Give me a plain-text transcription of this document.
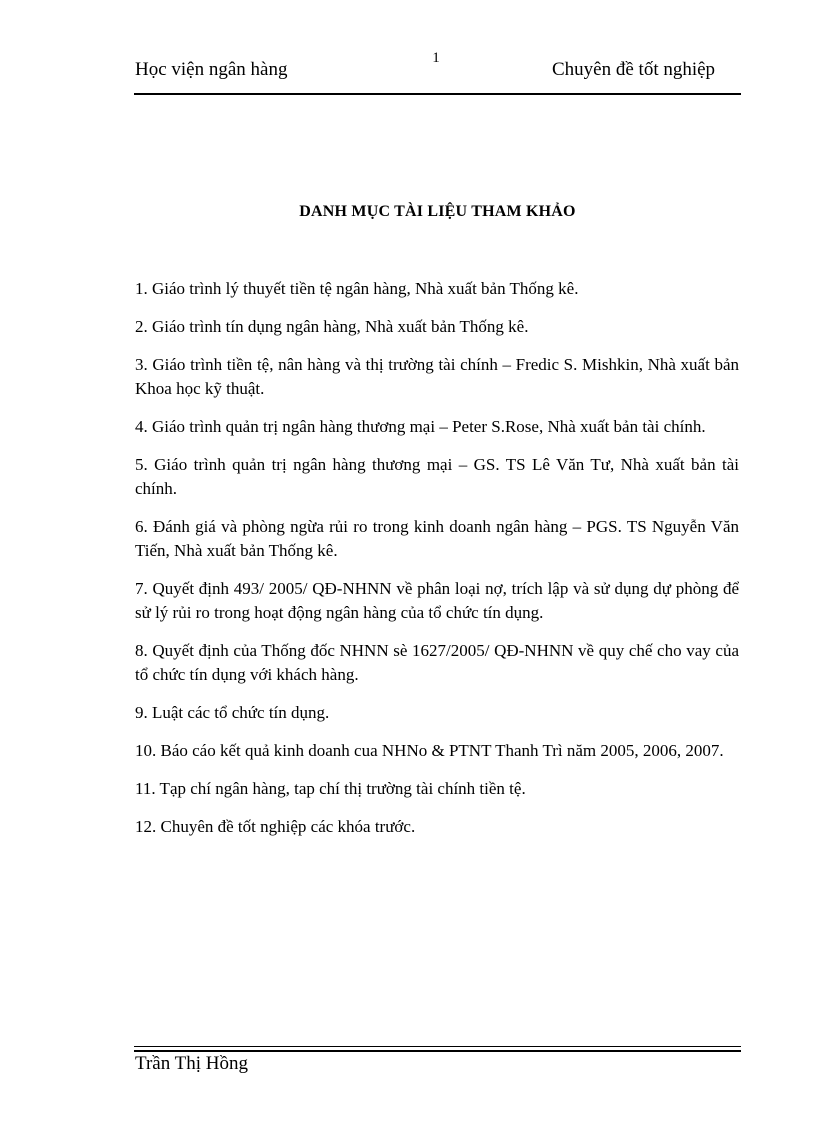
Học viện ngân hàng
1
Chuyên đề tốt nghiệp
DANH MỤC TÀI LIỆU THAM KHẢO
1. Giáo trình lý thuyết tiền tệ ngân hàng, Nhà xuất bản Thống kê.
2. Giáo trình tín dụng ngân hàng, Nhà xuất bản Thống kê.
3. Giáo trình tiền tệ, nân hàng và thị trường tài chính – Fredic S. Mishkin, Nhà xuất bản Khoa học kỹ thuật.
4. Giáo trình quản trị ngân hàng thương mại – Peter S.Rose, Nhà xuất bản tài chính.
5. Giáo trình quản trị ngân hàng thương mại – GS. TS Lê Văn Tư, Nhà xuất bản tài chính.
6. Đánh giá và phòng ngừa rủi ro trong kinh doanh ngân hàng – PGS. TS Nguyễn Văn Tiến, Nhà xuất bản Thống kê.
7. Quyết định 493/ 2005/ QĐ-NHNN về phân loại nợ, trích lập và sử dụng dự phòng để sử lý rủi ro trong hoạt động ngân hàng của tổ chức tín dụng.
8. Quyết định của Thống đốc NHNN sè 1627/2005/ QĐ-NHNN về quy chế cho vay của tổ chức tín dụng với khách hàng.
9. Luật các tổ chức tín dụng.
10. Báo cáo kết quả kinh doanh cua NHNo & PTNT Thanh Trì năm 2005, 2006, 2007.
11. Tạp chí ngân hàng, tap chí thị trường tài chính tiền tệ.
12. Chuyên đề tốt nghiệp các khóa trước.
Trần Thị Hồng
